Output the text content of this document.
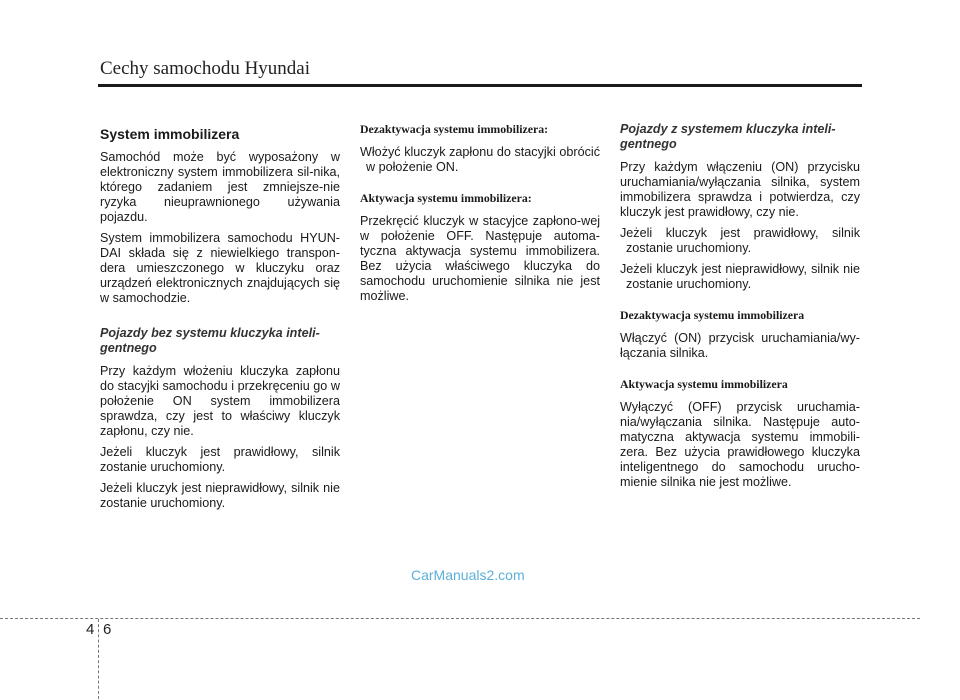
Cechy samochodu Hyundai
System immobilizera

Samochód może być wyposażony w elektroniczny system immobilizera sil-nika, którego zadaniem jest zmniejsze-nie ryzyka nieuprawnionego używania pojazdu.

System immobilizera samochodu HYUN-DAI składa się z niewielkiego transpon-dera umieszczonego w kluczyku oraz urządzeń elektronicznych znajdujących się w samochodzie.

Pojazdy bez systemu kluczyka inteli-gentnego

Przy każdym włożeniu kluczyka zapłonu do stacyjki samochodu i przekręceniu go w położenie ON system immobilizera sprawdza, czy jest to właściwy kluczyk zapłonu, czy nie.

Jeżeli kluczyk jest prawidłowy, silnik zostanie uruchomiony.

Jeżeli kluczyk jest nieprawidłowy, silnik nie zostanie uruchomiony.

Dezaktywacja systemu immobilizera:

Włożyć kluczyk zapłonu do stacyjki obrócić w położenie ON.

Aktywacja systemu immobilizera:

Przekręcić kluczyk w stacyjce zapłono-wej w położenie OFF. Następuje automa-tyczna aktywacja systemu immobilizera. Bez użycia właściwego kluczyka do samochodu uruchomienie silnika nie jest możliwe.

Pojazdy z systemem kluczyka inteli-gentnego

Przy każdym włączeniu (ON) przycisku uruchamiania/wyłączania silnika, system immobilizera sprawdza i potwierdza, czy kluczyk jest prawidłowy, czy nie.

Jeżeli kluczyk jest prawidłowy, silnik zostanie uruchomiony.

Jeżeli kluczyk jest nieprawidłowy, silnik nie zostanie uruchomiony.

Dezaktywacja systemu immobilizera

Włączyć (ON) przycisk uruchamiania/wy-łączania silnika.

Aktywacja systemu immobilizera

Wyłączyć (OFF) przycisk uruchamia-nia/wyłączania silnika. Następuje auto-matyczna aktywacja systemu immobili-zera. Bez użycia prawidłowego kluczyka inteligentnego do samochodu urucho-mienie silnika nie jest możliwe.

CarManuals2.com
4 6
